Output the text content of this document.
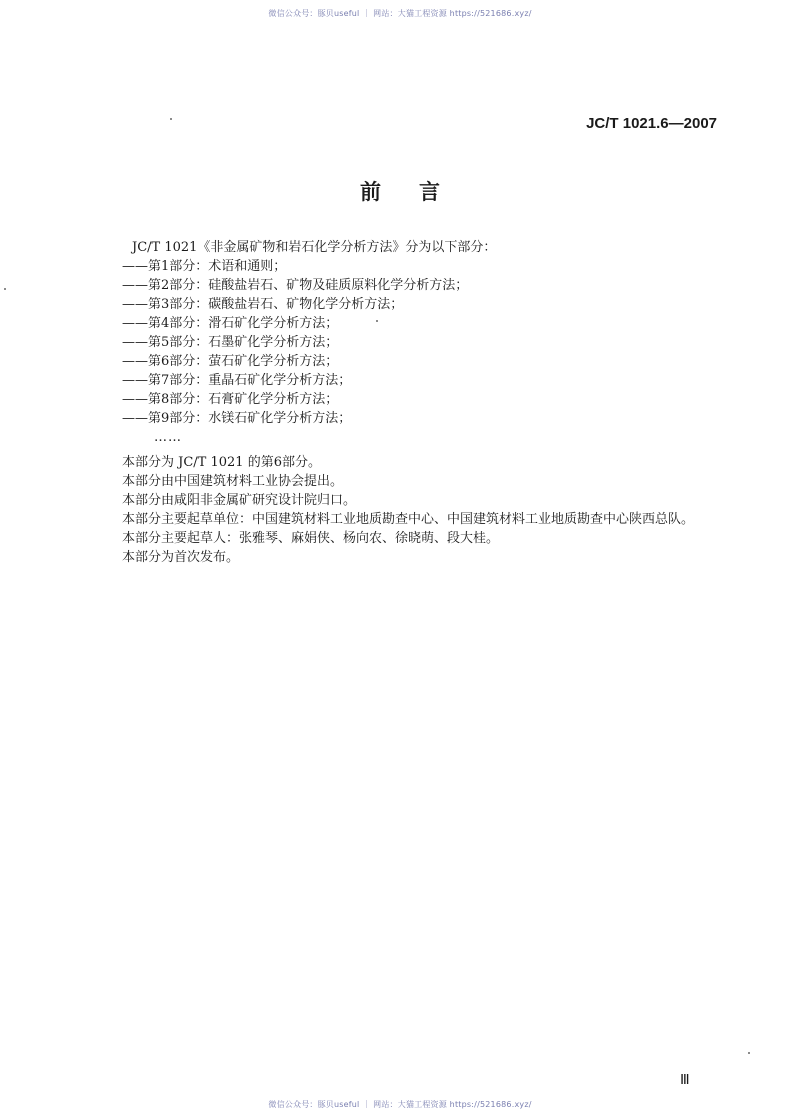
微信公众号：豚贝useful ｜ 网站：大猫工程资源 https://521686.xyz/
JC/T 1021.6—2007
前言
JC/T 1021《非金属矿物和岩石化学分析方法》分为以下部分：
——第1部分：术语和通则；
——第2部分：硅酸盐岩石、矿物及硅质原料化学分析方法；
——第3部分：碳酸盐岩石、矿物化学分析方法；
——第4部分：滑石矿化学分析方法；
——第5部分：石墨矿化学分析方法；
——第6部分：萤石矿化学分析方法；
——第7部分：重晶石矿化学分析方法；
——第8部分：石膏矿化学分析方法；
——第9部分：水镁石矿化学分析方法；
……
本部分为 JC/T 1021 的第6部分。
本部分由中国建筑材料工业协会提出。
本部分由咸阳非金属矿研究设计院归口。
本部分主要起草单位：中国建筑材料工业地质勘查中心、中国建筑材料工业地质勘查中心陕西总队。
本部分主要起草人：张雅琴、麻娟侠、杨向农、徐晓萌、段大桂。
本部分为首次发布。
Ⅲ
微信公众号：豚贝useful ｜ 网站：大猫工程资源 https://521686.xyz/
